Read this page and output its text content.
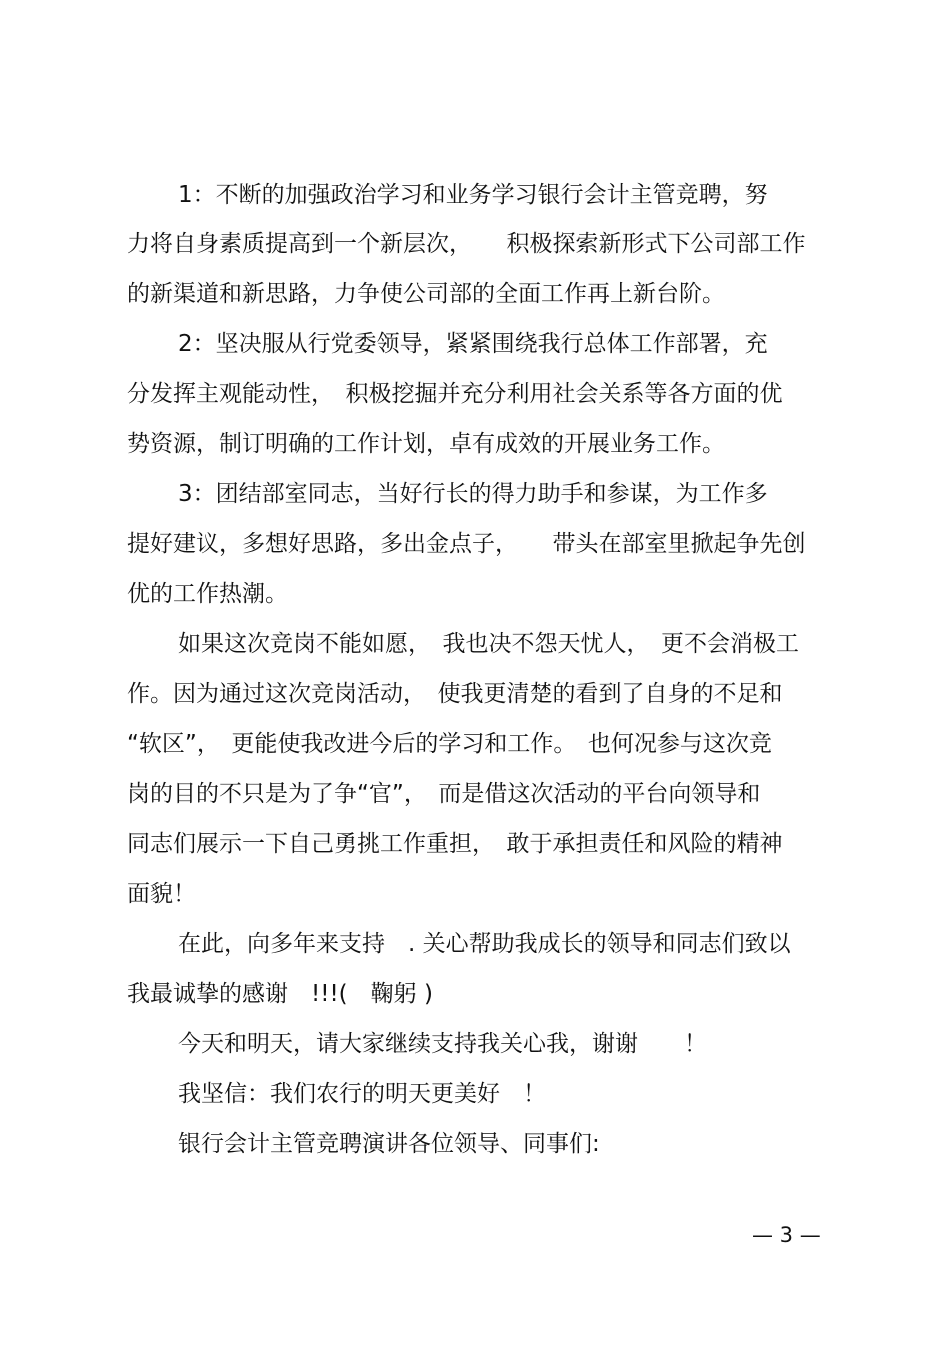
1：不断的加强政治学习和业务学习银行会计主管竞聘，努
力将自身素质提高到一个新层次，　　积极探索新形式下公司部工作
的新渠道和新思路，力争使公司部的全面工作再上新台阶。
2：坚决服从行党委领导，紧紧围绕我行总体工作部署，充
分发挥主观能动性，　积极挖掘并充分利用社会关系等各方面的优
势资源，制订明确的工作计划，卓有成效的开展业务工作。
3：团结部室同志，当好行长的得力助手和参谋，为工作多
提好建议，多想好思路，多出金点子，　　带头在部室里掀起争先创
优的工作热潮。
如果这次竞岗不能如愿，　我也决不怨天忧人，　更不会消极工
作。因为通过这次竞岗活动，　使我更清楚的看到了自身的不足和
“软区”，　更能使我改进今后的学习和工作。　也何况参与这次竞
岗的目的不只是为了争“官”，　而是借这次活动的平台向领导和
同志们展示一下自己勇挑工作重担，　敢于承担责任和风险的精神
面貌！
在此，向多年来支持　. 关心帮助我成长的领导和同志们致以
我最诚挚的感谢　!!!(　鞠躬 )
今天和明天，请大家继续支持我关心我，谢谢　　！
我坚信：我们农行的明天更美好　！
银行会计主管竞聘演讲各位领导、同事们:
— 3 —
